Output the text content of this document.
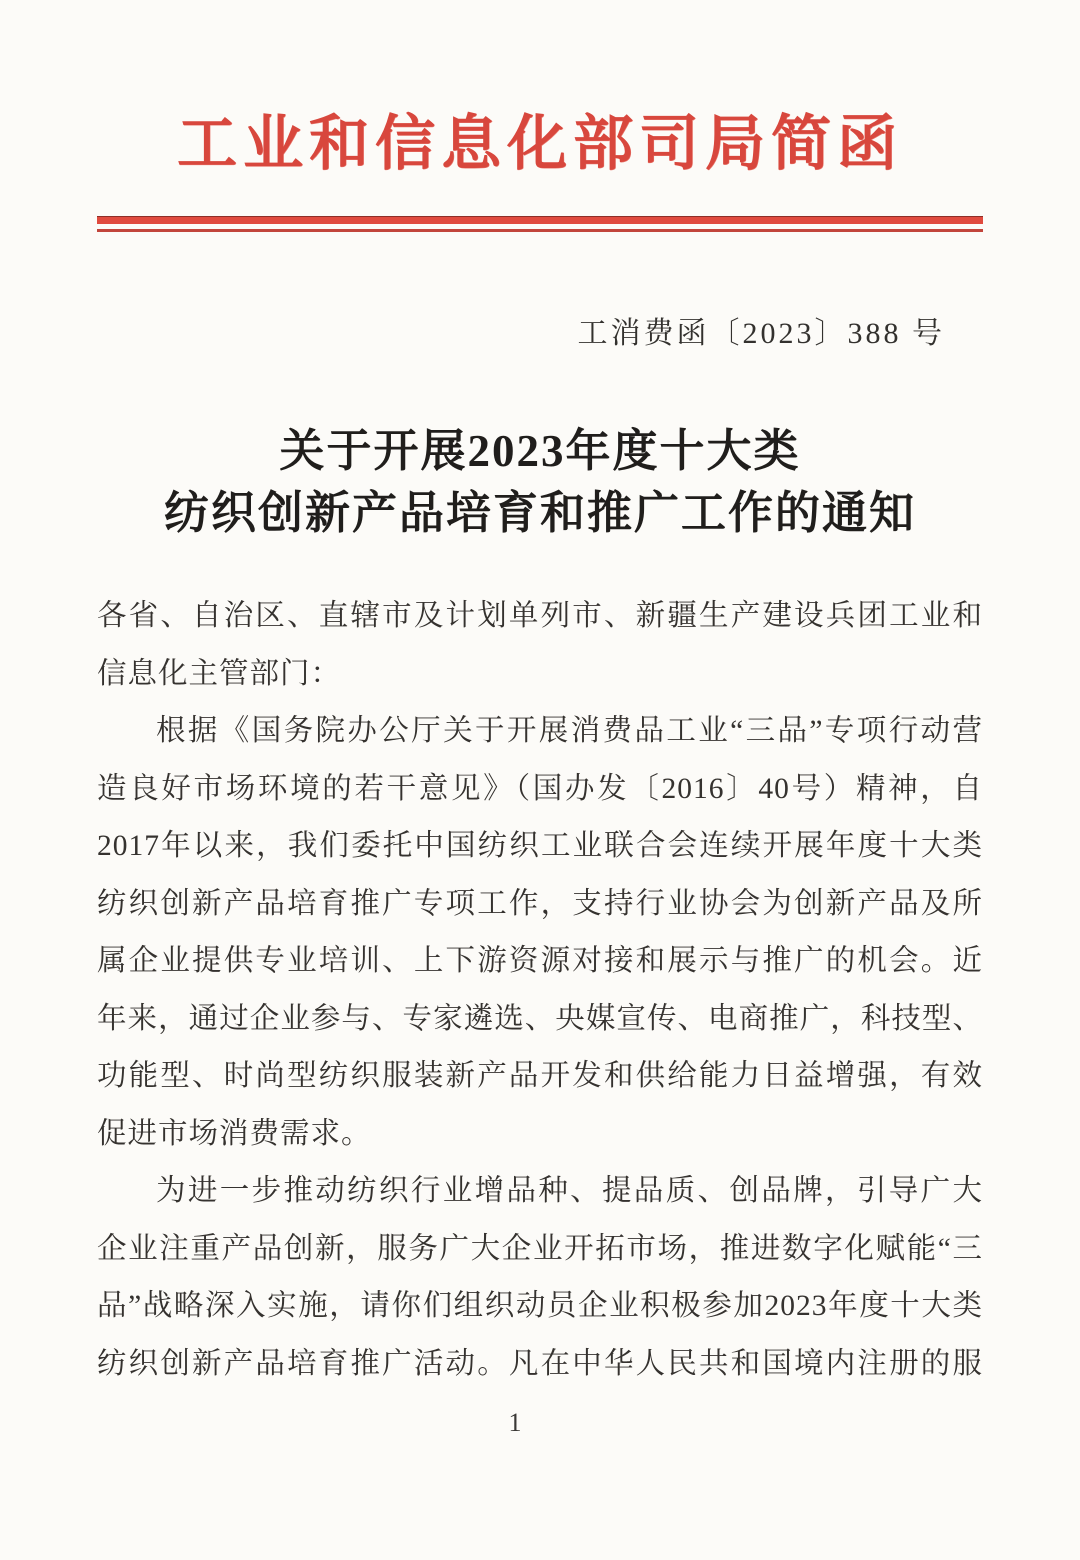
工业和信息化部司局简函
工消费函〔2023〕388 号
关于开展2023年度十大类
纺织创新产品培育和推广工作的通知
各省、自治区、直辖市及计划单列市、新疆生产建设兵团工业和
信息化主管部门：
根据《国务院办公厅关于开展消费品工业“三品”专项行动营
造良好市场环境的若干意见》（国办发〔2016〕40号）精神，自
2017年以来，我们委托中国纺织工业联合会连续开展年度十大类
纺织创新产品培育推广专项工作，支持行业协会为创新产品及所
属企业提供专业培训、上下游资源对接和展示与推广的机会。近
年来，通过企业参与、专家遴选、央媒宣传、电商推广，科技型、
功能型、时尚型纺织服装新产品开发和供给能力日益增强，有效
促进市场消费需求。
为进一步推动纺织行业增品种、提品质、创品牌，引导广大
企业注重产品创新，服务广大企业开拓市场，推进数字化赋能“三
品”战略深入实施，请你们组织动员企业积极参加2023年度十大类
纺织创新产品培育推广活动。凡在中华人民共和国境内注册的服
1
